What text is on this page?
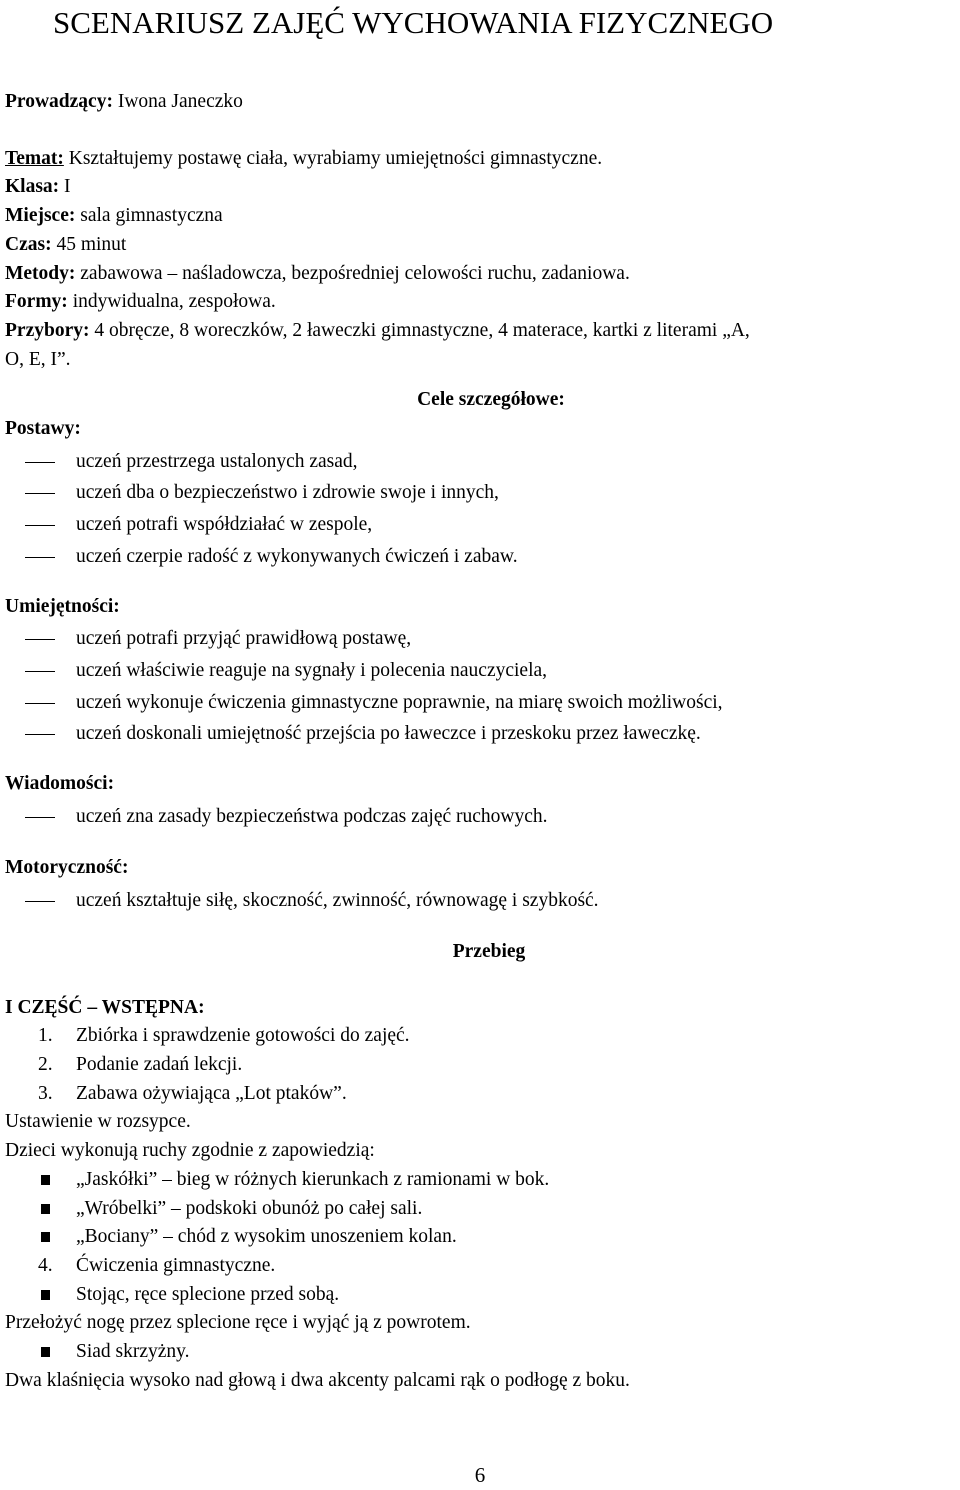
SCENARIUSZ ZAJĘĆ WYCHOWANIA FIZYCZNEGO
Prowadzący: Iwona Janeczko
Temat: Kształtujemy postawę ciała, wyrabiamy umiejętności gimnastyczne.
Klasa: I
Miejsce: sala gimnastyczna
Czas: 45 minut
Metody: zabawowa – naśladowcza, bezpośredniej celowości ruchu, zadaniowa.
Formy: indywidualna, zespołowa.
Przybory: 4 obręcze, 8 woreczków, 2 ławeczki gimnastyczne, 4 materace, kartki z literami „A,
O, E, I”.
Cele szczegółowe:
Postawy:
uczeń przestrzega ustalonych zasad,
uczeń dba o bezpieczeństwo i zdrowie swoje i innych,
uczeń potrafi współdziałać w zespole,
uczeń czerpie radość z wykonywanych ćwiczeń i zabaw.
Umiejętności:
uczeń potrafi przyjąć prawidłową postawę,
uczeń właściwie reaguje na sygnały i polecenia nauczyciela,
uczeń wykonuje ćwiczenia gimnastyczne poprawnie, na miarę swoich możliwości,
uczeń doskonali umiejętność przejścia po ławeczce i przeskoku przez ławeczkę.
Wiadomości:
uczeń zna zasady bezpieczeństwa podczas zajęć ruchowych.
Motoryczność:
uczeń kształtuje siłę, skoczność, zwinność, równowagę i szybkość.
Przebieg
I CZĘŚĆ – WSTĘPNA:
1. Zbiórka i sprawdzenie gotowości do zajęć.
2. Podanie zadań lekcji.
3. Zabawa ożywiająca „Lot ptaków”.
Ustawienie w rozsypce.
Dzieci wykonują ruchy zgodnie z zapowiedzią:
„Jaskółki” – bieg w różnych kierunkach z ramionami w bok.
„Wróbelki” – podskoki obunóż po całej sali.
„Bociany” – chód z wysokim unoszeniem kolan.
4. Ćwiczenia gimnastyczne.
Stojąc, ręce splecione przed sobą.
Przełożyć nogę przez splecione ręce i wyjąć ją z powrotem.
Siad skrzyżny.
Dwa klaśnięcia wysoko nad głową i dwa akcenty palcami rąk o podłogę z boku.
6
